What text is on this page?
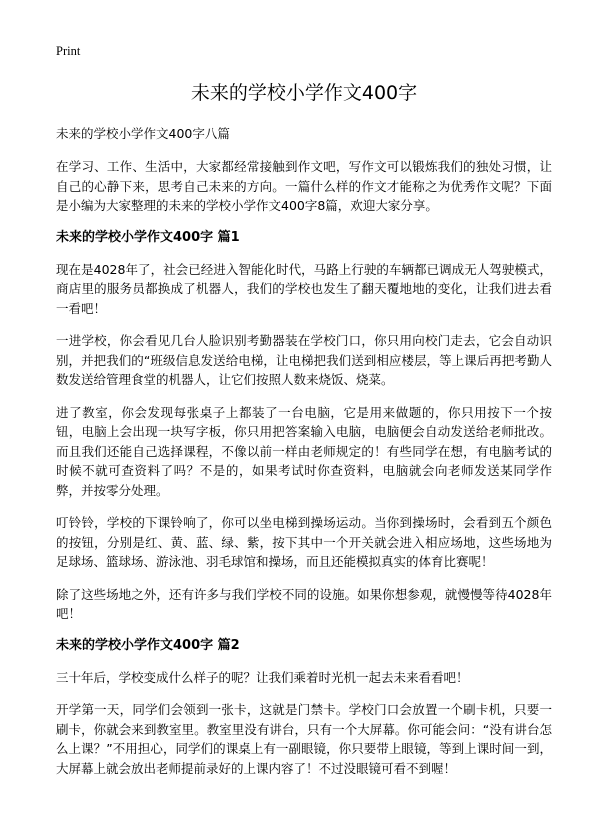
Print
未来的学校小学作文400字
未来的学校小学作文400字八篇

在学习、工作、生活中，大家都经常接触到作文吧，写作文可以锻炼我们的独处习惯，让自己的心静下来，思考自己未来的方向。一篇什么样的作文才能称之为优秀作文呢？下面是小编为大家整理的未来的学校小学作文400字8篇，欢迎大家分享。

未来的学校小学作文400字 篇1

现在是4028年了，社会已经进入智能化时代，马路上行驶的车辆都已调成无人驾驶模式，商店里的服务员都换成了机器人，我们的学校也发生了翻天覆地地的变化，让我们进去看一看吧！

一进学校，你会看见几台人脸识别考勤器装在学校门口，你只用向校门走去，它会自动识别，并把我们的“班级信息发送给电梯，让电梯把我们送到相应楼层，等上课后再把考勤人数发送给管理食堂的机器人，让它们按照人数来烧饭、烧菜。

进了教室，你会发现每张桌子上都装了一台电脑，它是用来做题的，你只用按下一个按钮，电脑上会出现一块写字板，你只用把答案输入电脑，电脑便会自动发送给老师批改。而且我们还能自己选择课程，不像以前一样由老师规定的！有些同学在想，有电脑考试的时候不就可查资料了吗？不是的，如果考试时你查资料，电脑就会向老师发送某同学作弊，并按零分处理。

叮铃铃，学校的下课铃响了，你可以坐电梯到操场运动。当你到操场时，会看到五个颜色的按钮，分别是红、黄、蓝、绿、紫，按下其中一个开关就会进入相应场地，这些场地为足球场、篮球场、游泳池、羽毛球馆和操场，而且还能模拟真实的体育比赛呢！

除了这些场地之外，还有许多与我们学校不同的设施。如果你想参观，就慢慢等待4028年吧！

未来的学校小学作文400字 篇2

三十年后，学校变成什么样子的呢？让我们乘着时光机一起去未来看看吧！

开学第一天，同学们会领到一张卡，这就是门禁卡。学校门口会放置一个刷卡机，只要一刷卡，你就会来到教室里。教室里没有讲台，只有一个大屏幕。你可能会问：“没有讲台怎么上课？”不用担心，同学们的课桌上有一副眼镜，你只要带上眼镜，等到上课时间一到，大屏幕上就会放出老师提前录好的上课内容了！不过没眼镜可看不到喔！
